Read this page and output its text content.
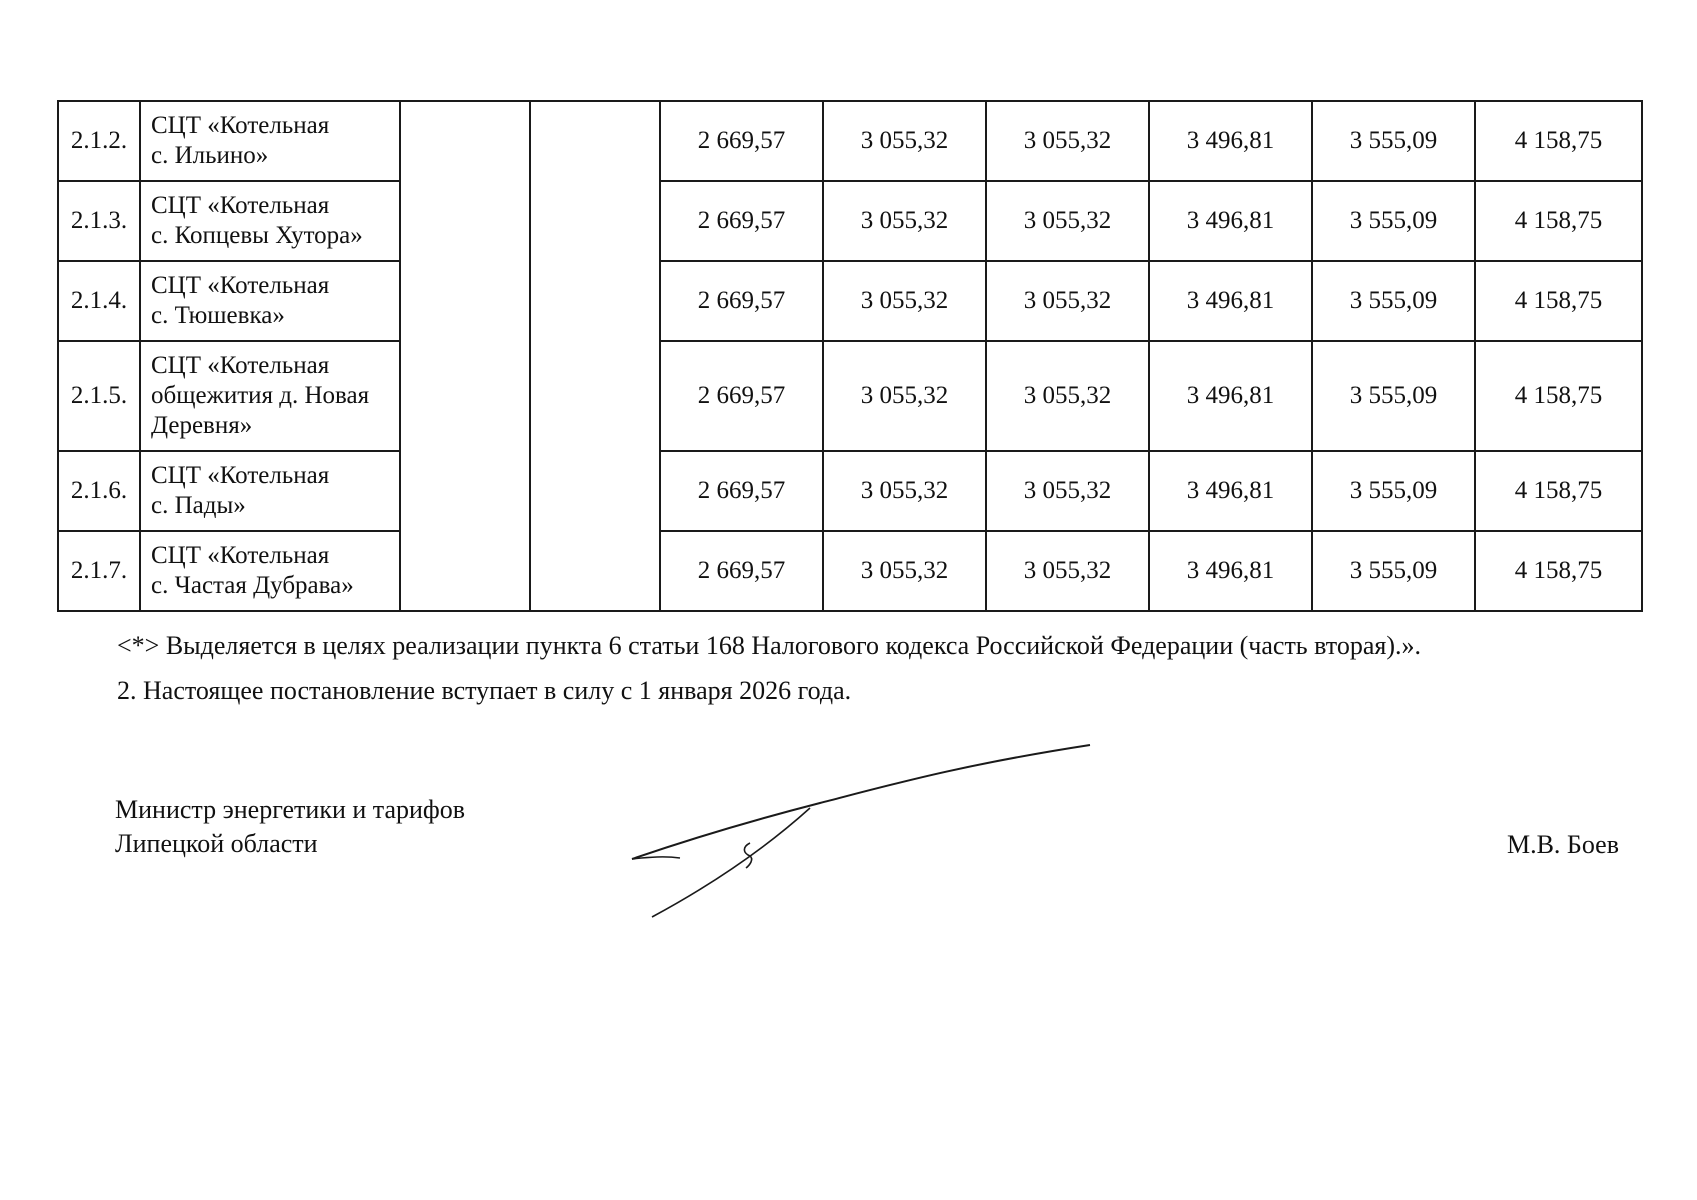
2.1.2.	СЦТ «Котельная
с. Ильино»			2 669,57	3 055,32	3 055,32	3 496,81	3 555,09	4 158,75
2.1.3.	СЦТ «Котельная
с. Копцевы Хутора»			2 669,57	3 055,32	3 055,32	3 496,81	3 555,09	4 158,75
2.1.4.	СЦТ «Котельная
с. Тюшевка»			2 669,57	3 055,32	3 055,32	3 496,81	3 555,09	4 158,75
2.1.5.	СЦТ «Котельная
общежития д. Новая
Деревня»			2 669,57	3 055,32	3 055,32	3 496,81	3 555,09	4 158,75
2.1.6.	СЦТ «Котельная
с. Пады»			2 669,57	3 055,32	3 055,32	3 496,81	3 555,09	4 158,75
2.1.7.	СЦТ «Котельная
с. Частая Дубрава»			2 669,57	3 055,32	3 055,32	3 496,81	3 555,09	4 158,75
<*> Выделяется в целях реализации пункта 6 статьи 168 Налогового кодекса Российской Федерации (часть вторая).».
2. Настоящее постановление вступает в силу с 1 января 2026 года.
Министр энергетики и тарифов
Липецкой области	М.В. Боев
